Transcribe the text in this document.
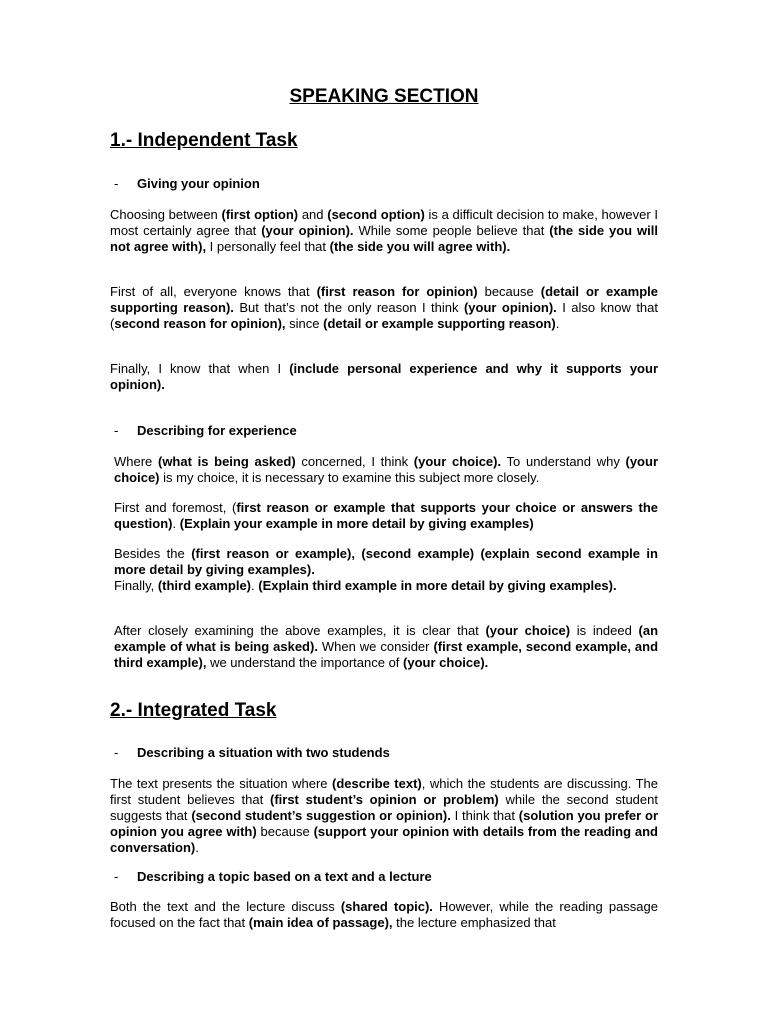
SPEAKING SECTION
1.- Independent Task
- Giving your opinion

Choosing between (first option) and (second option) is a difficult decision to make, however I most certainly agree that (your opinion). While some people believe that (the side you will not agree with), I personally feel that (the side you will agree with).

First of all, everyone knows that (first reason for opinion) because (detail or example supporting reason). But that’s not the only reason I think (your opinion). I also know that (second reason for opinion), since (detail or example supporting reason).

Finally, I know that when I (include personal experience and why it supports your opinion).

- Describing for experience

Where (what is being asked) concerned, I think (your choice). To understand why (your choice) is my choice, it is necessary to examine this subject more closely.

First and foremost, (first reason or example that supports your choice or answers the question). (Explain your example in more detail by giving examples)

Besides the (first reason or example), (second example) (explain second example in more detail by giving examples).
Finally, (third example). (Explain third example in more detail by giving examples).

After closely examining the above examples, it is clear that (your choice) is indeed (an example of what is being asked). When we consider (first example, second example, and third example), we understand the importance of (your choice).

2.- Integrated Task
- Describing a situation with two studends

The text presents the situation where (describe text), which the students are discussing. The first student believes that (first student’s opinion or problem) while the second student suggests that (second student’s suggestion or opinion). I think that (solution you prefer or opinion you agree with) because (support your opinion with details from the reading and conversation).

- Describing a topic based on a text and a lecture

Both the text and the lecture discuss (shared topic). However, while the reading passage focused on the fact that (main idea of passage), the lecture emphasized that
